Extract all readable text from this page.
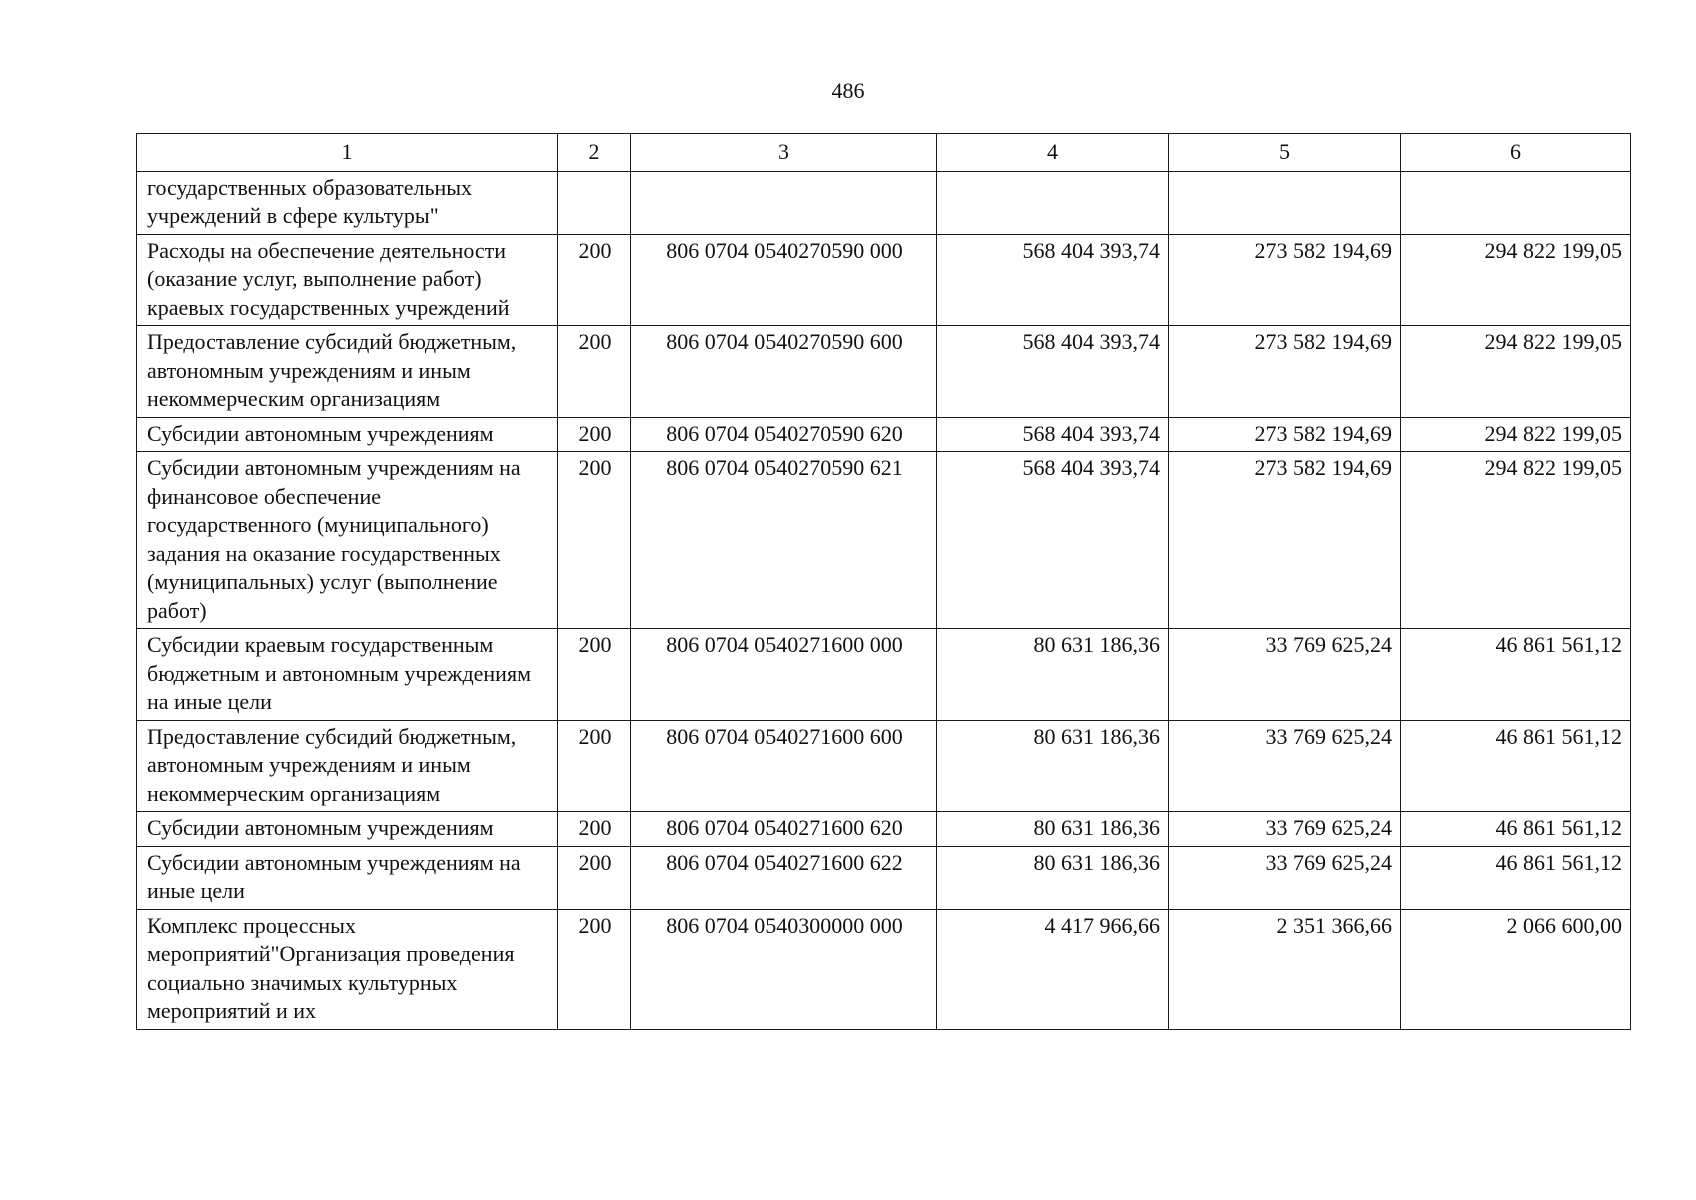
486
1	2	3	4	5	6
государственных образовательных учреждений в сфере культуры"					
Расходы на обеспечение деятельности (оказание услуг, выполнение работ) краевых государственных учреждений	200	806 0704 0540270590 000	568 404 393,74	273 582 194,69	294 822 199,05
Предоставление субсидий бюджетным, автономным учреждениям и иным некоммерческим организациям	200	806 0704 0540270590 600	568 404 393,74	273 582 194,69	294 822 199,05
Субсидии автономным учреждениям	200	806 0704 0540270590 620	568 404 393,74	273 582 194,69	294 822 199,05
Субсидии автономным учреждениям на финансовое обеспечение государственного (муниципального) задания на оказание государственных (муниципальных) услуг (выполнение работ)	200	806 0704 0540270590 621	568 404 393,74	273 582 194,69	294 822 199,05
Субсидии краевым государственным бюджетным и автономным учреждениям на иные цели	200	806 0704 0540271600 000	80 631 186,36	33 769 625,24	46 861 561,12
Предоставление субсидий бюджетным, автономным учреждениям и иным некоммерческим организациям	200	806 0704 0540271600 600	80 631 186,36	33 769 625,24	46 861 561,12
Субсидии автономным учреждениям	200	806 0704 0540271600 620	80 631 186,36	33 769 625,24	46 861 561,12
Субсидии автономным учреждениям на иные цели	200	806 0704 0540271600 622	80 631 186,36	33 769 625,24	46 861 561,12
Комплекс процессных мероприятий"Организация проведения социально значимых культурных мероприятий и их	200	806 0704 0540300000 000	4 417 966,66	2 351 366,66	2 066 600,00
